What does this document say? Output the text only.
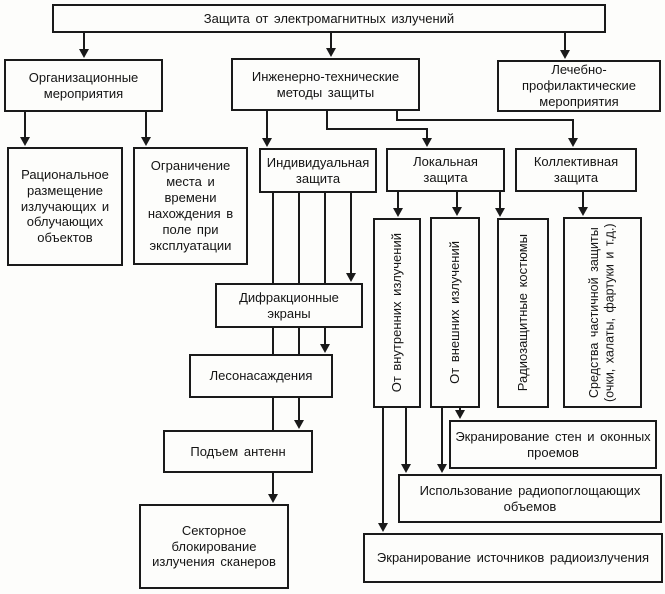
Защита от электромагнитных излучений
Организационные мероприятия
Инженерно-технические методы защиты
Лечебно-профилактические мероприятия
Рациональное размещение излучающих и облучающих объектов
Ограничение места и времени нахождения в поле при эксплуатации
Индивидуальная защита
Локальная защита
Коллективная защита
От внутренних излучений	От внешних излучений	Радиозащитные костюмы	Средства частичной защиты (очки, халаты, фартуки и т.д.)
Дифракционные экраны
Лесонасаждения
Подъем антенн
Секторное блокирование излучения сканеров
Экранирование стен и оконных проемов
Использование радиопоглощающих объемов
Экранирование источников радиоизлучения
